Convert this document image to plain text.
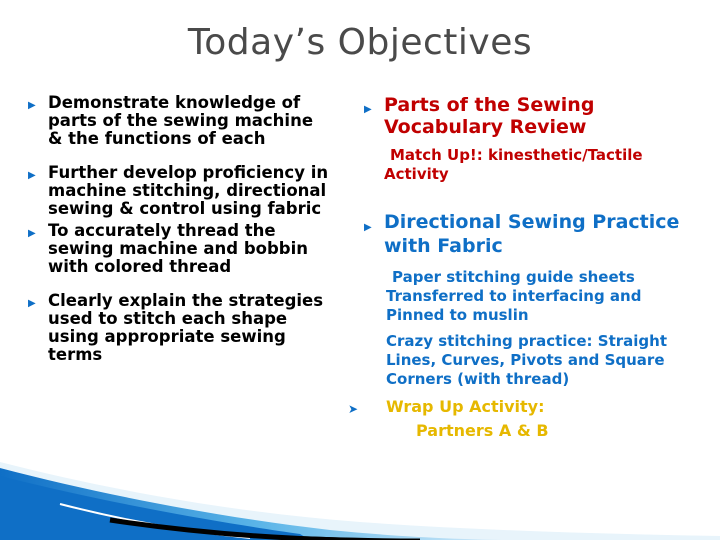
Today’s Objectives

▶ Demonstrate knowledge of parts of the sewing machine & the functions of each

▶ Further develop proficiency in machine stitching, directional sewing & control using fabric

▶ To accurately thread the sewing machine and bobbin with colored thread

▶ Clearly explain the strategies used to stitch each shape using appropriate sewing terms

▶ Parts of the Sewing Vocabulary Review

Match Up!: kinesthetic/Tactile Activity

▶ Directional Sewing Practice with Fabric

Paper stitching guide sheets Transferred to interfacing and Pinned to muslin

Crazy stitching practice: Straight Lines, Curves, Pivots and Square Corners (with thread)

➤ Wrap Up Activity:

Partners A & B
